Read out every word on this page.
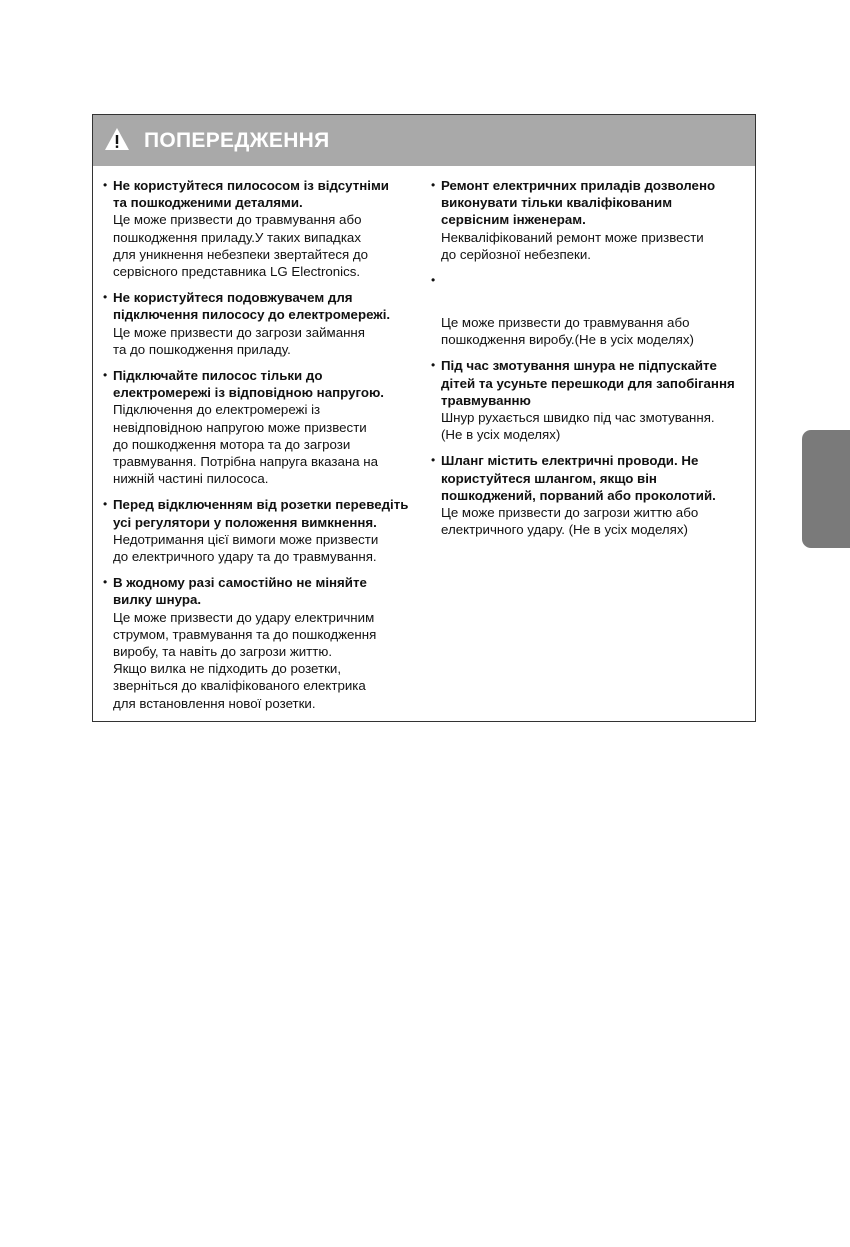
ПОПЕРЕДЖЕННЯ
• Не користуйтеся пилососом із відсутніми
та пошкодженими деталями.
Це може призвести до травмування або
пошкодження приладу.У таких випадках
для уникнення небезпеки звертайтеся до
сервісного представника LG Electronics.
• Не користуйтеся подовжувачем для
підключення пилососу до електромережі.
Це може призвести до загрози займання
та до пошкодження приладу.
• Підключайте пилосос тільки до
електромережі із відповідною напругою.
Підключення до електромережі із
невідповідною напругою може призвести
до пошкодження мотора та до загрози
травмування. Потрібна напруга вказана на
нижній частині пилососа.
• Перед відключенням від розетки переведіть
усі регулятори у положення вимкнення.
Недотримання цієї вимоги може призвести
до електричного удару та до травмування.
• В жодному разі самостійно не міняйте
вилку шнура.
Це може призвести до удару електричним
струмом, травмування та до пошкодження
виробу, та навіть до загрози життю.
Якщо вилка не підходить до розетки,
зверніться до кваліфікованого електрика
для встановлення нової розетки.
• Ремонт електричних приладів дозволено
виконувати тільки кваліфікованим
сервісним інженерам.
Некваліфікований ремонт може призвести
до серйозної небезпеки.
•
Це може призвести до травмування або
пошкодження виробу.(Не в усіх моделях)
• Під час змотування шнура не підпускайте
дітей та усуньте перешкоди для запобігання
травмуванню
Шнур рухається швидко під час змотування.
(Не в усіх моделях)
• Шланг містить електричні проводи. Не
користуйтеся шлангом, якщо він
пошкоджений, порваний або проколотий.
Це може призвести до загрози життю або
електричного удару. (Не в усіх моделях)
